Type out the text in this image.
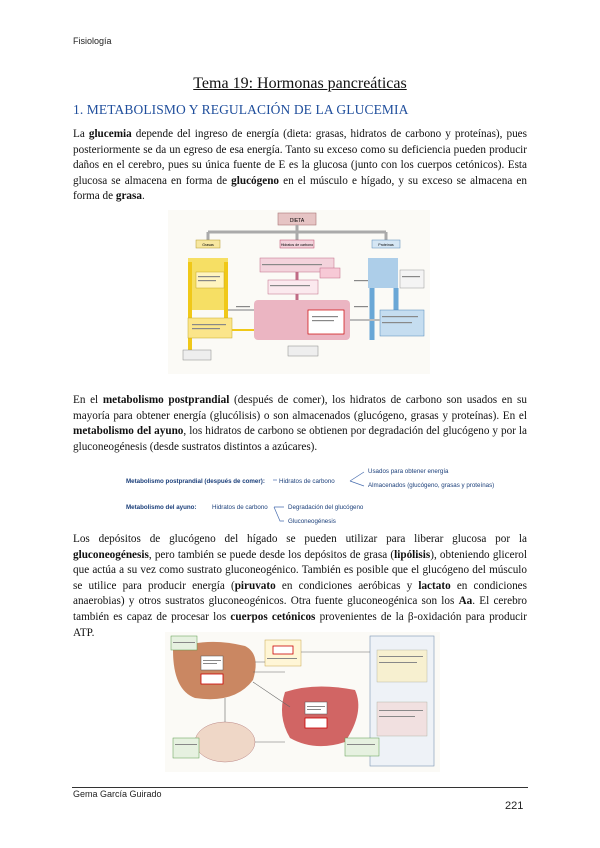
Fisiología
Tema 19: Hormonas pancreáticas
1. METABOLISMO Y REGULACIÓN DE LA GLUCEMIA
La glucemia depende del ingreso de energía (dieta: grasas, hidratos de carbono y proteínas), pues posteriormente se da un egreso de esa energía. Tanto su exceso como su deficiencia pueden producir daños en el cerebro, pues su única fuente de E es la glucosa (junto con los cuerpos cetónicos). Esta glucosa se almacena en forma de glucógeno en el músculo e hígado, y su exceso se almacena en forma de grasa.
DIETA
Grasas	Hidratos de carbono	Proteínas
En el metabolismo postprandial (después de comer), los hidratos de carbono son usados en su mayoría para obtener energía (glucólisis) o son almacenados (glucógeno, grasas y proteínas). En el metabolismo del ayuno, los hidratos de carbono se obtienen por degradación del glucógeno y por la gluconeogénesis (desde sustratos distintos a azúcares).
Metabolismo postprandial (después de comer): Hidratos de carbono
Usados para obtener energía
Almacenados (glucógeno, grasas y proteínas)
Metabolismo del ayuno:	Hidratos de carbono	Degradación del glucógeno
Gluconeogénesis
Los depósitos de glucógeno del hígado se pueden utilizar para liberar glucosa por la gluconeogénesis, pero también se puede desde los depósitos de grasa (lipólisis), obteniendo glicerol que actúa a su vez como sustrato gluconeogénico. También es posible que el glucógeno del músculo se utilice para producir energía (piruvato en condiciones aeróbicas y lactato en condiciones anaerobias) y otros sustratos gluconeogénicos. Otra fuente gluconeogénica son los Aa. El cerebro también es capaz de procesar los cuerpos cetónicos provenientes de la β-oxidación para producir ATP.
Gema García Guirado
221
